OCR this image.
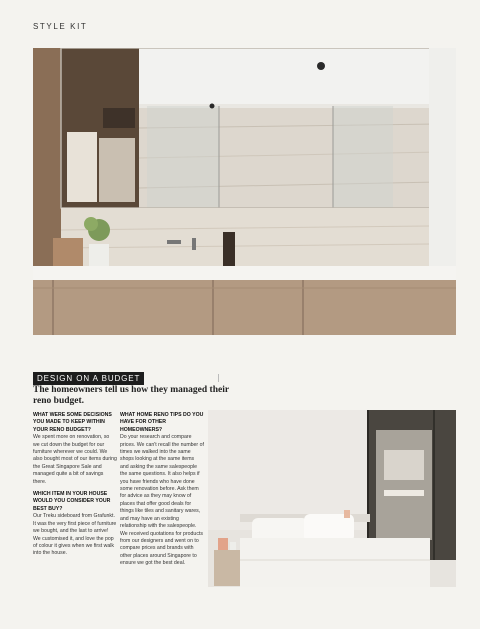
STYLE KIT
DESIGN ON A BUDGET
The homeowners tell us how they managed their reno budget.
WHAT WERE SOME DECISIONS YOU MADE TO KEEP WITHIN YOUR RENO BUDGET?

We spent more on renovation, so we cut down the budget for our furniture wherever we could. We also bought most of our items during the Great Singapore Sale and managed quite a bit of savings there.

WHICH ITEM IN YOUR HOUSE WOULD YOU CONSIDER YOUR BEST BUY?

Our Treku sideboard from Grafunkt. It was the very first piece of furniture we bought, and the last to arrive! We customised it, and love the pop of colour it gives when we first walk into the house.

WHAT HOME RENO TIPS DO YOU HAVE FOR OTHER HOMEOWNERS?

Do your research and compare prices. We can't recall the number of times we walked into the same shops looking at the same items and asking the same salespeople the same questions. It also helps if you have friends who have done some renovation before. Ask them for advice as they may know of places that offer good deals for things like tiles and sanitary wares, and may have an existing relationship with the salespeople. We received quotations for products from our designers and went on to compare prices and brands with other places around Singapore to ensure we got the best deal.
